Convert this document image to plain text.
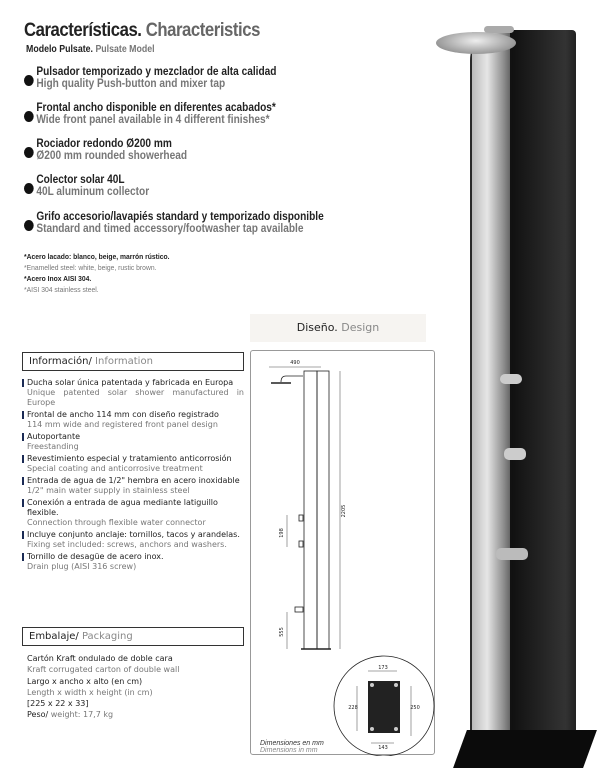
Características. Characteristics
Modelo Pulsate. Pulsate Model
Pulsador temporizado y mezclador de alta calidad
High quality Push-button and mixer tap
Frontal ancho disponible en diferentes acabados*
Wide front panel available in 4 different finishes*
Rociador redondo Ø200 mm
Ø200 mm rounded showerhead
Colector solar 40L
40L aluminum collector
Grifo accesorio/lavapiés standard y temporizado disponible
Standard and timed accessory/footwasher tap available
*Acero lacado: blanco, beige, marrón rústico.
*Enamelled steel: white, beige, rustic brown.
*Acero Inox AISI 304.
*AISI 304 stainless steel.
Información/ Information
Ducha solar única patentada y fabricada en Europa
Unique patented solar shower manufactured in Europe
Frontal de ancho 114 mm con diseño registrado
114 mm wide and registered front panel design
Autoportante
Freestanding
Revestimiento especial y tratamiento anticorrosión
Special coating and anticorrosive treatment
Entrada de agua de 1/2" hembra en acero inoxidable
1/2" main water supply in stainless steel
Conexión a entrada de agua mediante latiguillo flexible.
Connection through flexible water connector
Incluye conjunto anclaje: tornillos, tacos y arandelas.
Fixing set included: screws, anchors and washers.
Tornillo de desagüe de acero inox.
Drain plug (AISI 316 screw)
Embalaje/ Packaging
Cartón Kraft ondulado de doble cara
Kraft corrugated carton of double wall
Largo x ancho x alto (en cm)
Length x width x height (in cm)
[225 x 22 x 33]
Peso/ weight: 17,7 kg
Diseño. Design
490
2205
198
555
173
228	250
143
Dimensiones en mm
Dimensions in mm
